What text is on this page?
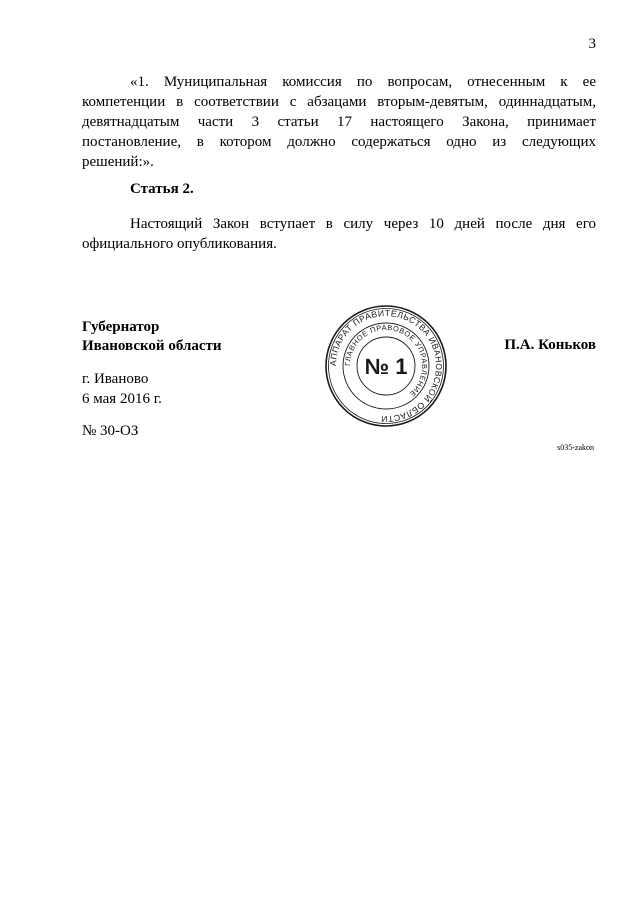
3
«1. Муниципальная комиссия по вопросам, отнесенным к ее
компетенции в соответствии с абзацами вторым-девятым, одиннадцатым,
девятнадцатым части 3 статьи 17 настоящего Закона, принимает
постановление, в котором должно содержаться одно из следующих
решений:».
Статья 2.
Настоящий Закон вступает в силу через 10 дней после дня его
официального опубликования.
Губернатор
Ивановской области
АППАРАТ ПРАВИТЕЛЬСТВА ИВАНОВСКОЙ ОБЛАСТИ
ГЛАВНОЕ ПРАВОВОЕ УПРАВЛЕНИЕ
№ 1
П.А. Коньков
г. Иваново
6 мая 2016 г.
№ 30-ОЗ
s035-zakon
